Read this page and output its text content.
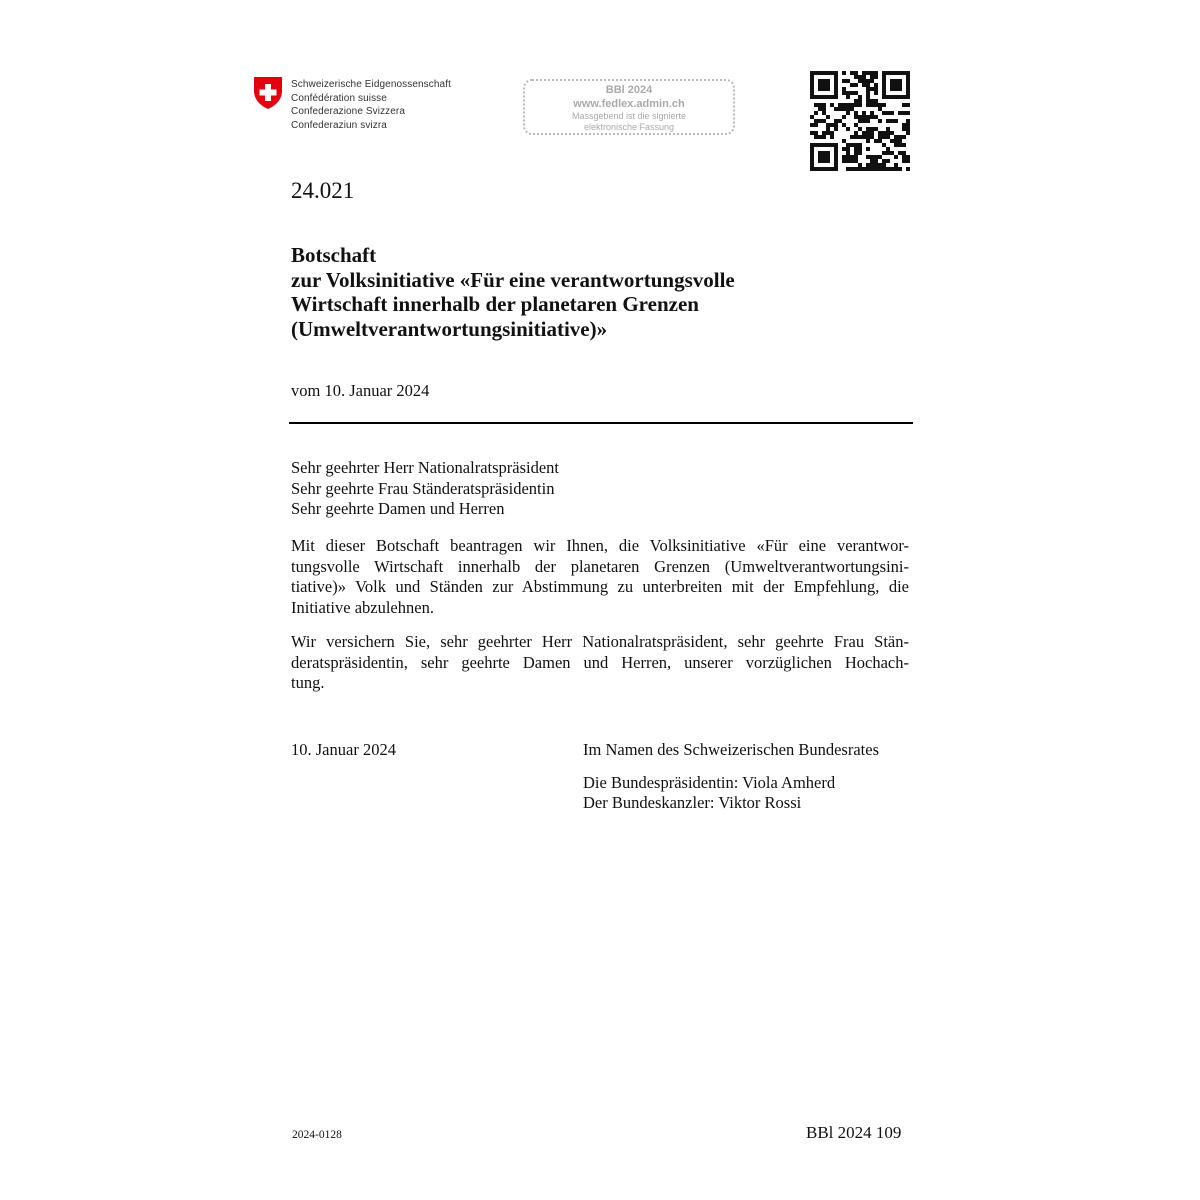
Schweizerische Eidgenossenschaft
Confédération suisse
Confederazione Svizzera
Confederaziun svizra
BBl 2024
www.fedlex.admin.ch
Massgebend ist die signierte
elektronische Fassung
24.021
Botschaft
zur Volksinitiative «Für eine verantwortungsvolle
Wirtschaft innerhalb der planetaren Grenzen
(Umweltverantwortungsinitiative)»
vom 10. Januar 2024
Sehr geehrter Herr Nationalratspräsident
Sehr geehrte Frau Ständeratspräsidentin
Sehr geehrte Damen und Herren
Mit dieser Botschaft beantragen wir Ihnen, die Volksinitiative «Für eine verantwor-
tungsvolle Wirtschaft innerhalb der planetaren Grenzen (Umweltverantwortungsini-
tiative)» Volk und Ständen zur Abstimmung zu unterbreiten mit der Empfehlung, die
Initiative abzulehnen.
Wir versichern Sie, sehr geehrter Herr Nationalratspräsident, sehr geehrte Frau Stän-
deratspräsidentin, sehr geehrte Damen und Herren, unserer vorzüglichen Hochach-
tung.
10. Januar 2024	Im Namen des Schweizerischen Bundesrates
Die Bundespräsidentin: Viola Amherd
Der Bundeskanzler: Viktor Rossi
2024-0128	BBl 2024 109
